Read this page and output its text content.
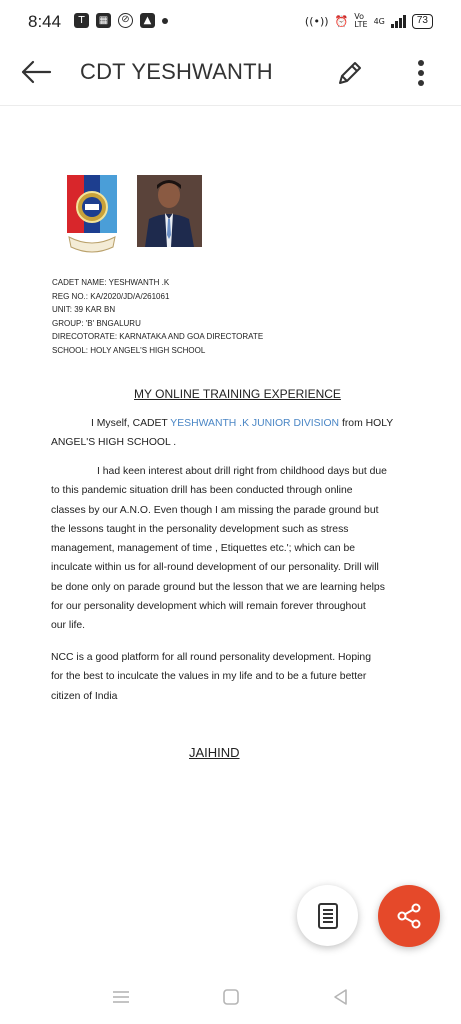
8:44	T	▦	⊘	▲	((•)) ⏰ Vo
LTE 4G	73
CDT YESHWANTH
CADET NAME: YESHWANTH .K
REG NO.: KA/2020/JD/A/261061
UNIT: 39 KAR BN
GROUP: 'B' BNGALURU
DIRECOTORATE: KARNATAKA AND GOA DIRECTORATE
SCHOOL: HOLY ANGEL'S HIGH SCHOOL
MY ONLINE TRAINING EXPERIENCE
I Myself, CADET YESHWANTH .K JUNIOR DIVISION from HOLY
ANGEL'S HIGH SCHOOL .
I had keen interest about drill right from childhood days but due
to this pandemic situation drill has been conducted through online
classes by our A.N.O. Even though I am missing the parade ground but
the lessons taught in the personality development such as stress
management, management of time , Etiquettes etc.'; which can be
inculcate within us for all-round development of our personality. Drill will
be done only on parade ground but the lesson that we are learning helps
for our personality development which will remain forever throughout
our life.
NCC is a good platform for all round personality development. Hoping
for the best to inculcate the values in my life and to be a future better
citizen of India
JAIHIND
